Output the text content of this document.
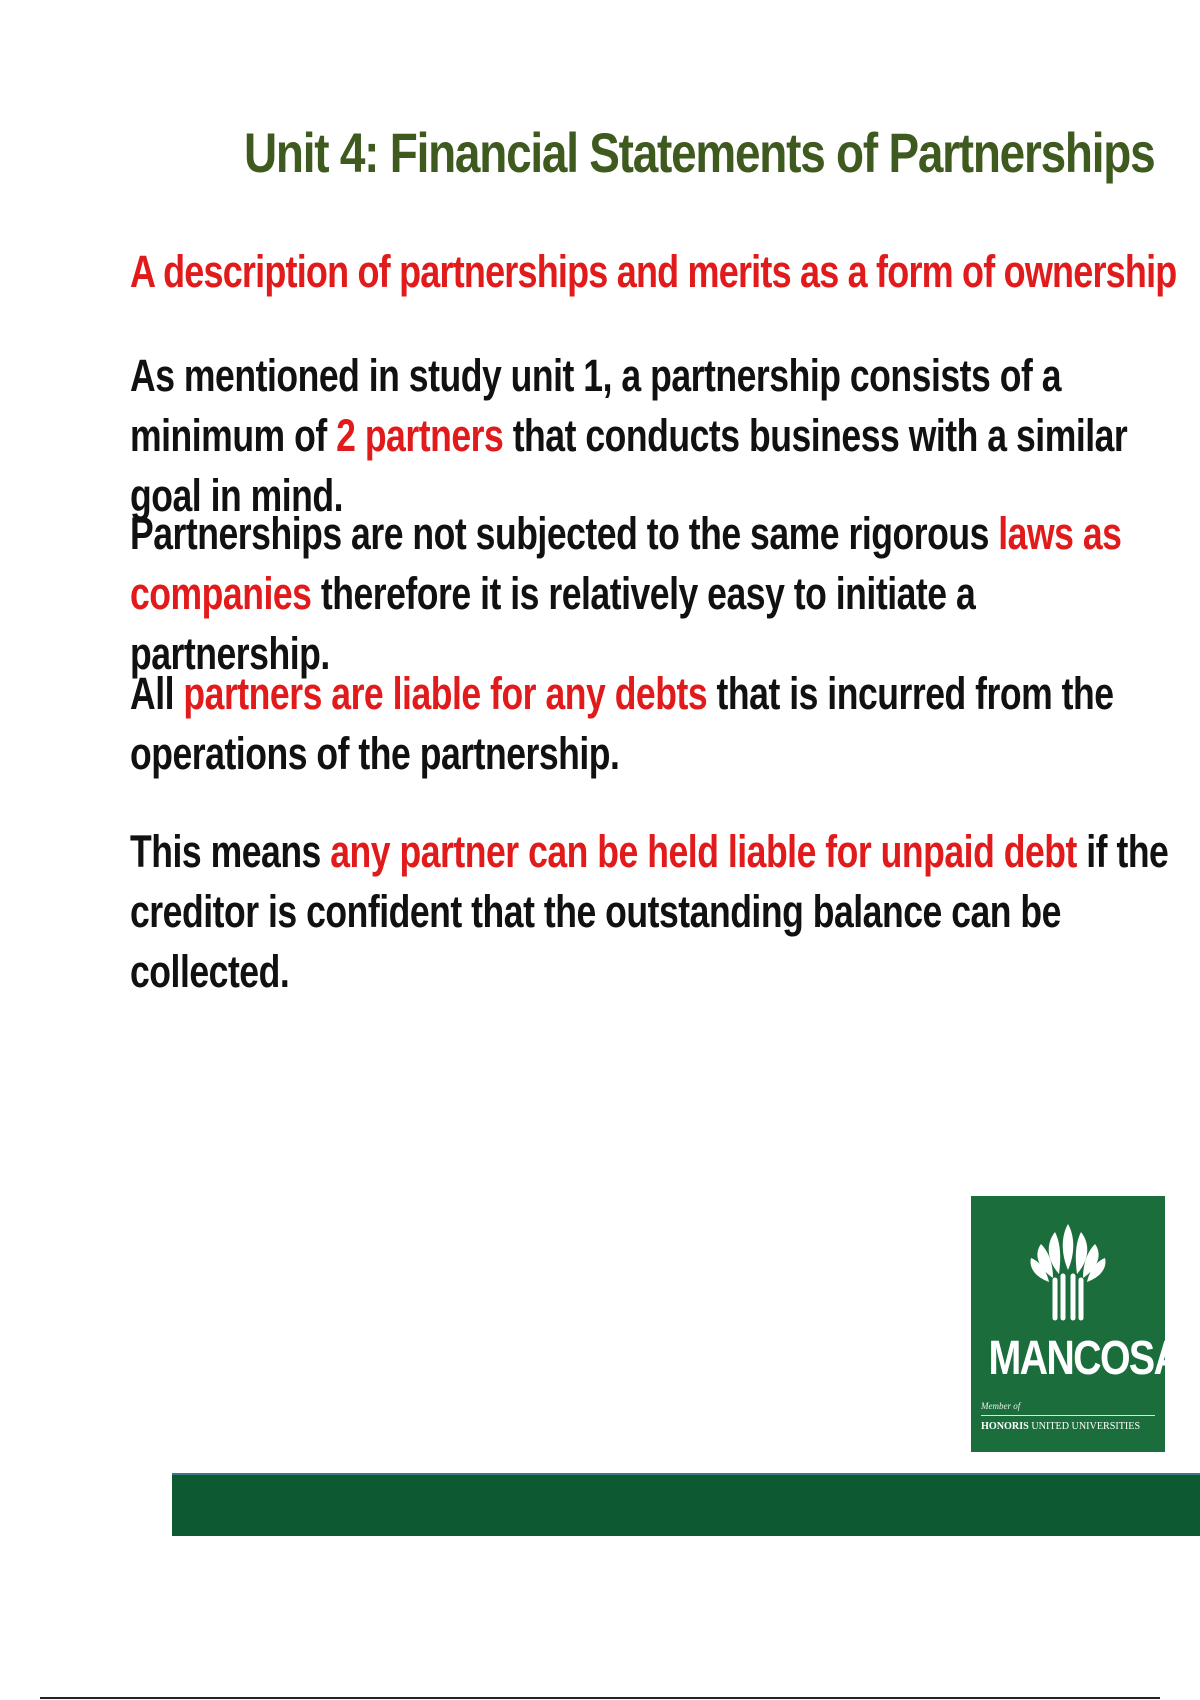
Unit 4: Financial Statements of Partnerships
A description of partnerships and merits as a form of ownership
As mentioned in study unit 1, a partnership consists of a minimum of 2 partners that conducts business with a similar goal in mind.
Partnerships are not subjected to the same rigorous laws as companies therefore it is relatively easy to initiate a partnership.
All partners are liable for any debts that is incurred from the operations of the partnership.
This means any partner can be held liable for unpaid debt if the creditor is confident that the outstanding balance can be collected.
MANCOSA
Member of
HONORIS UNITED UNIVERSITIES
